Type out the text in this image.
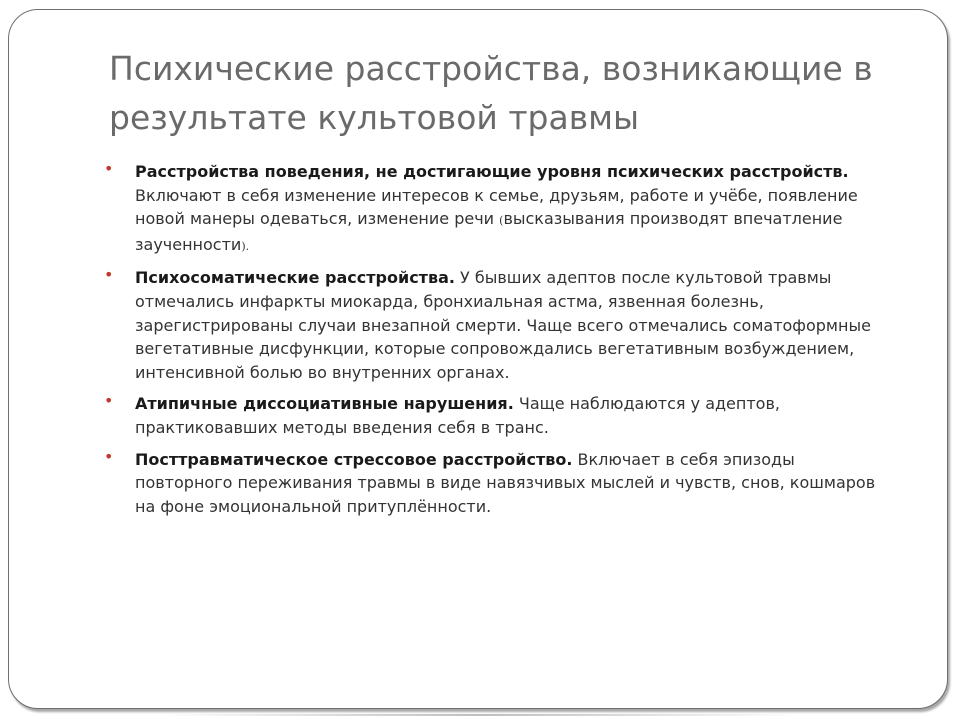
Психические расстройства, возникающие в результате культовой травмы
• Расстройства поведения, не достигающие уровня психических расстройств. Включают в себя изменение интересов к семье, друзьям, работе и учёбе, появление новой манеры одеваться, изменение речи (высказывания производят впечатление заученности).
• Психосоматические расстройства. У бывших адептов после культовой травмы отмечались инфаркты миокарда, бронхиальная астма, язвенная болезнь, зарегистрированы случаи внезапной смерти. Чаще всего отмечались соматоформные вегетативные дисфункции, которые сопровождались вегетативным возбуждением, интенсивной болью во внутренних органах.
• Атипичные диссоциативные нарушения. Чаще наблюдаются у адептов, практиковавших методы введения себя в транс.
• Посттравматическое стрессовое расстройство. Включает в себя эпизоды повторного переживания травмы в виде навязчивых мыслей и чувств, снов, кошмаров на фоне эмоциональной притуплённости.
